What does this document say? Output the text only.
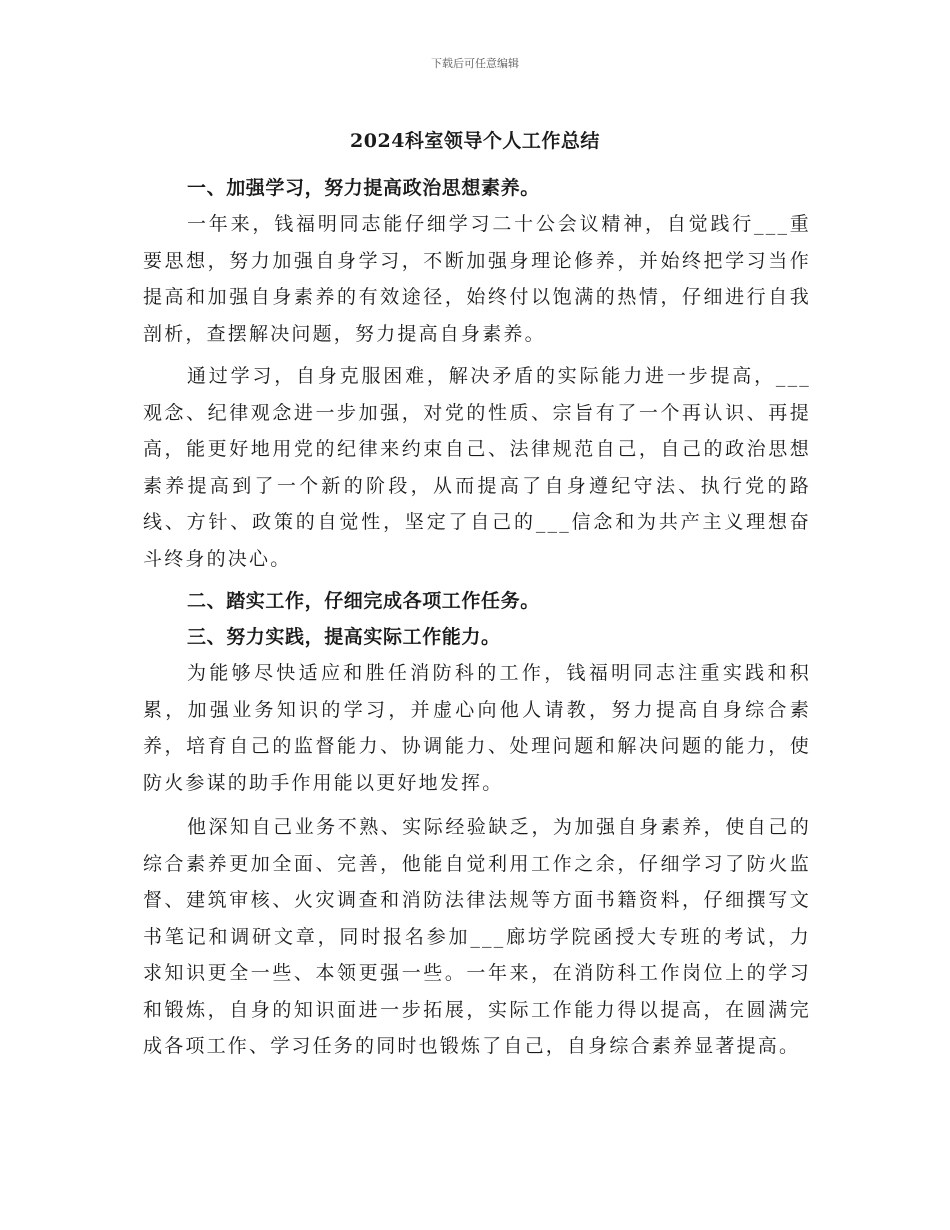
下载后可任意编辑
2024科室领导个人工作总结

一、加强学习，努力提高政治思想素养。

一年来，钱福明同志能仔细学习二十公会议精神，自觉践行___重要思想，努力加强自身学习，不断加强身理论修养，并始终把学习当作提高和加强自身素养的有效途径，始终付以饱满的热情，仔细进行自我剖析，查摆解决问题，努力提高自身素养。

通过学习，自身克服困难，解决矛盾的实际能力进一步提高，___观念、纪律观念进一步加强，对党的性质、宗旨有了一个再认识、再提高，能更好地用党的纪律来约束自己、法律规范自己，自己的政治思想素养提高到了一个新的阶段，从而提高了自身遵纪守法、执行党的路线、方针、政策的自觉性，坚定了自己的___信念和为共产主义理想奋斗终身的决心。

二、踏实工作，仔细完成各项工作任务。

三、努力实践，提高实际工作能力。

为能够尽快适应和胜任消防科的工作，钱福明同志注重实践和积累，加强业务知识的学习，并虚心向他人请教，努力提高自身综合素养，培育自己的监督能力、协调能力、处理问题和解决问题的能力，使防火参谋的助手作用能以更好地发挥。

他深知自己业务不熟、实际经验缺乏，为加强自身素养，使自己的综合素养更加全面、完善，他能自觉利用工作之余，仔细学习了防火监督、建筑审核、火灾调查和消防法律法规等方面书籍资料，仔细撰写文书笔记和调研文章，同时报名参加___廊坊学院函授大专班的考试，力求知识更全一些、本领更强一些。一年来，在消防科工作岗位上的学习和锻炼，自身的知识面进一步拓展，实际工作能力得以提高，在圆满完成各项工作、学习任务的同时也锻炼了自己，自身综合素养显著提高。
